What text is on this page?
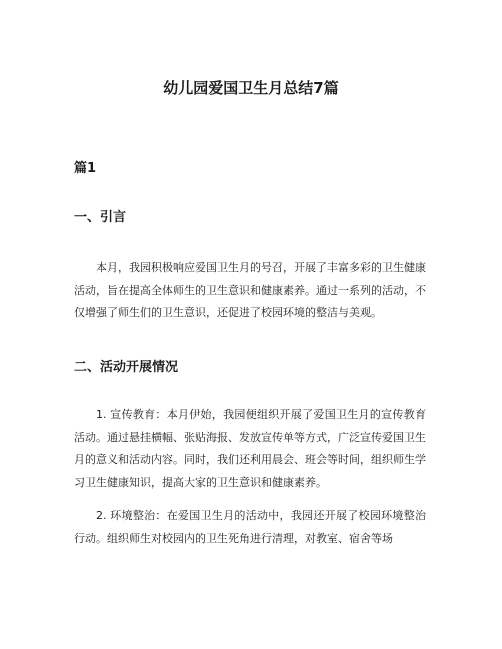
幼儿园爱国卫生月总结7篇
篇1
一、引言

本月，我园积极响应爱国卫生月的号召，开展了丰富多彩的卫生健康活动，旨在提高全体师生的卫生意识和健康素养。通过一系列的活动，不仅增强了师生们的卫生意识，还促进了校园环境的整洁与美观。

二、活动开展情况

1. 宣传教育：本月伊始，我园便组织开展了爱国卫生月的宣传教育活动。通过悬挂横幅、张贴海报、发放宣传单等方式，广泛宣传爱国卫生月的意义和活动内容。同时，我们还利用晨会、班会等时间，组织师生学习卫生健康知识，提高大家的卫生意识和健康素养。

2. 环境整治：在爱国卫生月的活动中，我园还开展了校园环境整治行动。组织师生对校园内的卫生死角进行清理，对教室、宿舍等场
